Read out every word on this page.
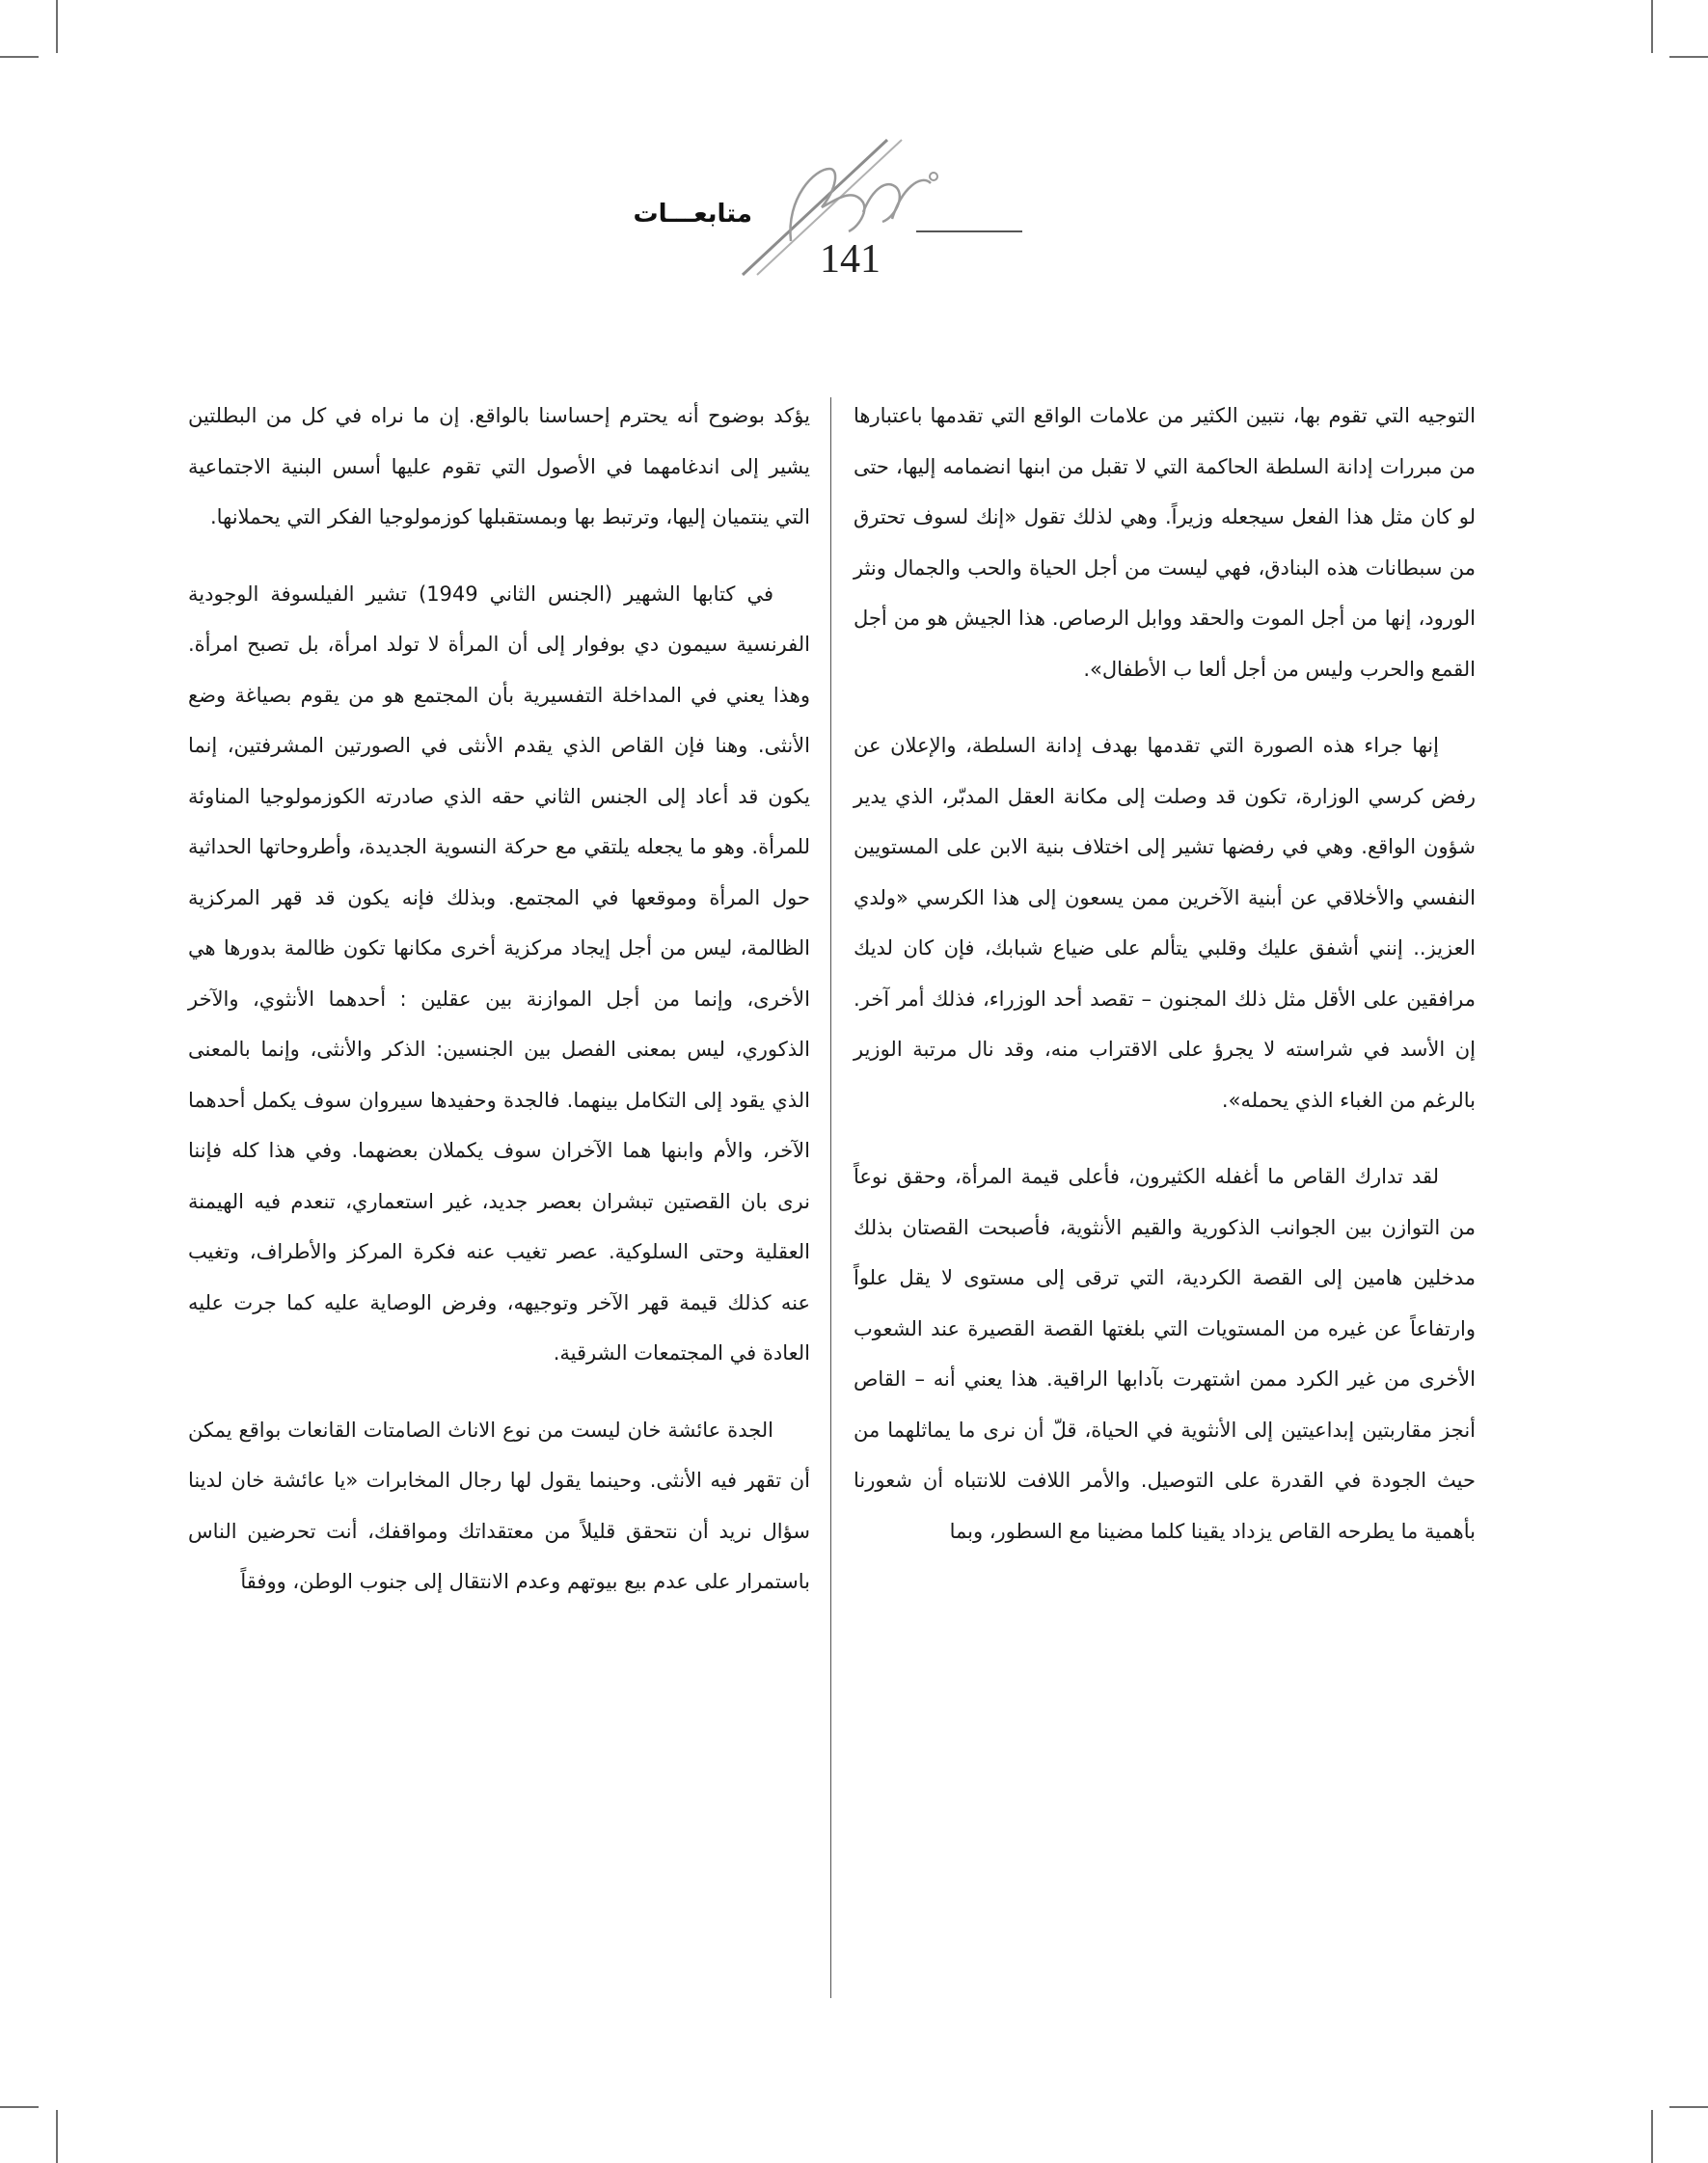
متابعـــات
141

التوجيه التي تقوم بها، نتبين الكثير من علامات الواقع التي تقدمها باعتبارها من مبررات إدانة السلطة الحاكمة التي لا تقبل من ابنها انضمامه إليها، حتى لو كان مثل هذا الفعل سيجعله وزيراً. وهي لذلك تقول «إنك لسوف تحترق من سبطانات هذه البنادق، فهي ليست من أجل الحياة والحب والجمال ونثر الورود، إنها من أجل الموت والحقد ووابل الرصاص. هذا الجيش هو من أجل القمع والحرب وليس من أجل ألعا ب الأطفال».

إنها جراء هذه الصورة التي تقدمها بهدف إدانة السلطة، والإعلان عن رفض كرسي الوزارة، تكون قد وصلت إلى مكانة العقل المدبّر، الذي يدير شؤون الواقع. وهي في رفضها تشير إلى اختلاف بنية الابن على المستويين النفسي والأخلاقي عن أبنية الآخرين ممن يسعون إلى هذا الكرسي «ولدي العزيز.. إنني أشفق عليك وقلبي يتألم على ضياع شبابك، فإن كان لديك مرافقين على الأقل مثل ذلك المجنون – تقصد أحد الوزراء، فذلك أمر آخر. إن الأسد في شراسته لا يجرؤ على الاقتراب منه، وقد نال مرتبة الوزير بالرغم من الغباء الذي يحمله».

لقد تدارك القاص ما أغفله الكثيرون، فأعلى قيمة المرأة، وحقق نوعاً من التوازن بين الجوانب الذكورية والقيم الأنثوية، فأصبحت القصتان بذلك مدخلين هامين إلى القصة الكردية، التي ترقى إلى مستوى لا يقل علواً وارتفاعاً عن غيره من المستويات التي بلغتها القصة القصيرة عند الشعوب الأخرى من غير الكرد ممن اشتهرت بآدابها الراقية. هذا يعني أنه – القاص أنجز مقاربتين إبداعيتين إلى الأنثوية في الحياة، قلّ أن نرى ما يماثلهما من حيث الجودة في القدرة على التوصيل. والأمر اللافت للانتباه أن شعورنا بأهمية ما يطرحه القاص يزداد يقينا كلما مضينا مع السطور، وبما

يؤكد بوضوح أنه يحترم إحساسنا بالواقع. إن ما نراه في كل من البطلتين يشير إلى اندغامهما في الأصول التي تقوم عليها أسس البنية الاجتماعية التي ينتميان إليها، وترتبط بها وبمستقبلها كوزمولوجيا الفكر التي يحملانها.

في كتابها الشهير (الجنس الثاني 1949) تشير الفيلسوفة الوجودية الفرنسية سيمون دي بوفوار إلى أن المرأة لا تولد امرأة، بل تصبح امرأة. وهذا يعني في المداخلة التفسيرية بأن المجتمع هو من يقوم بصياغة وضع الأنثى. وهنا فإن القاص الذي يقدم الأنثى في الصورتين المشرفتين، إنما يكون قد أعاد إلى الجنس الثاني حقه الذي صادرته الكوزمولوجيا المناوئة للمرأة. وهو ما يجعله يلتقي مع حركة النسوية الجديدة، وأطروحاتها الحداثية حول المرأة وموقعها في المجتمع. وبذلك فإنه يكون قد قهر المركزية الظالمة، ليس من أجل إيجاد مركزية أخرى مكانها تكون ظالمة بدورها هي الأخرى، وإنما من أجل الموازنة بين عقلين : أحدهما الأنثوي، والآخر الذكوري، ليس بمعنى الفصل بين الجنسين: الذكر والأنثى، وإنما بالمعنى الذي يقود إلى التكامل بينهما. فالجدة وحفيدها سيروان سوف يكمل أحدهما الآخر، والأم وابنها هما الآخران سوف يكملان بعضهما. وفي هذا كله فإننا نرى بان القصتين تبشران بعصر جديد، غير استعماري، تنعدم فيه الهيمنة العقلية وحتى السلوكية. عصر تغيب عنه فكرة المركز والأطراف، وتغيب عنه كذلك قيمة قهر الآخر وتوجيهه، وفرض الوصاية عليه كما جرت عليه العادة في المجتمعات الشرقية.

الجدة عائشة خان ليست من نوع الاناث الصامتات القانعات بواقع يمكن أن تقهر فيه الأنثى. وحينما يقول لها رجال المخابرات «يا عائشة خان لدينا سؤال نريد أن نتحقق قليلاً من معتقداتك ومواقفك، أنت تحرضين الناس باستمرار على عدم بيع بيوتهم وعدم الانتقال إلى جنوب الوطن، ووفقاً
